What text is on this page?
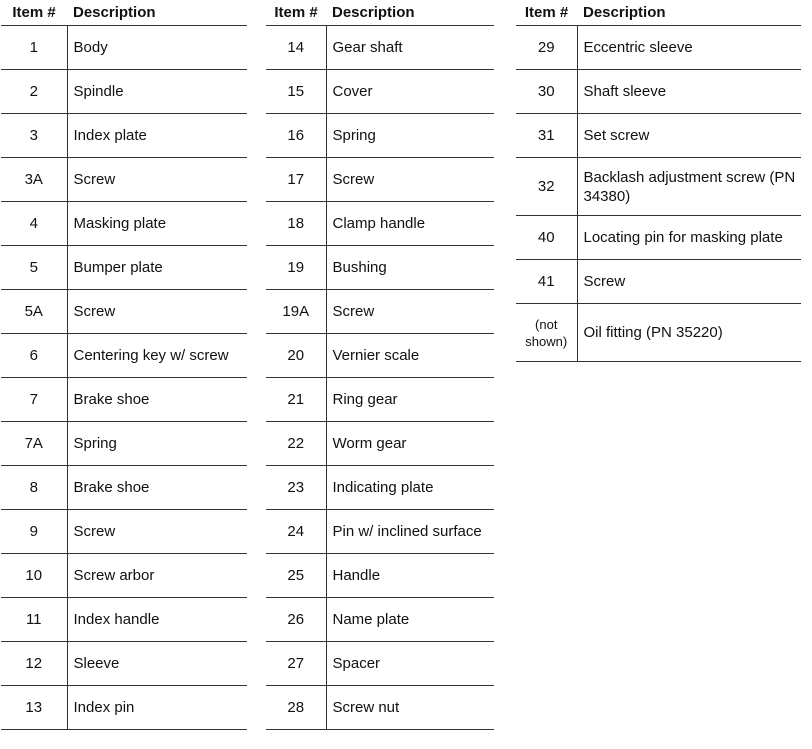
Item #	Description
1	Body
2	Spindle
3	Index plate
3A	Screw
4	Masking plate
5	Bumper plate
5A	Screw
6	Centering key w/ screw
7	Brake shoe
7A	Spring
8	Brake shoe
9	Screw
10	Screw arbor
11	Index handle
12	Sleeve
13	Index pin
Item #	Description
14	Gear shaft
15	Cover
16	Spring
17	Screw
18	Clamp handle
19	Bushing
19A	Screw
20	Vernier scale
21	Ring gear
22	Worm gear
23	Indicating plate
24	Pin w/ inclined surface
25	Handle
26	Name plate
27	Spacer
28	Screw nut
Item #	Description
29	Eccentric sleeve
30	Shaft sleeve
31	Set screw
32	Backlash adjustment screw (PN 34380)
40	Locating pin for masking plate
41	Screw
(not shown)	Oil fitting (PN 35220)
